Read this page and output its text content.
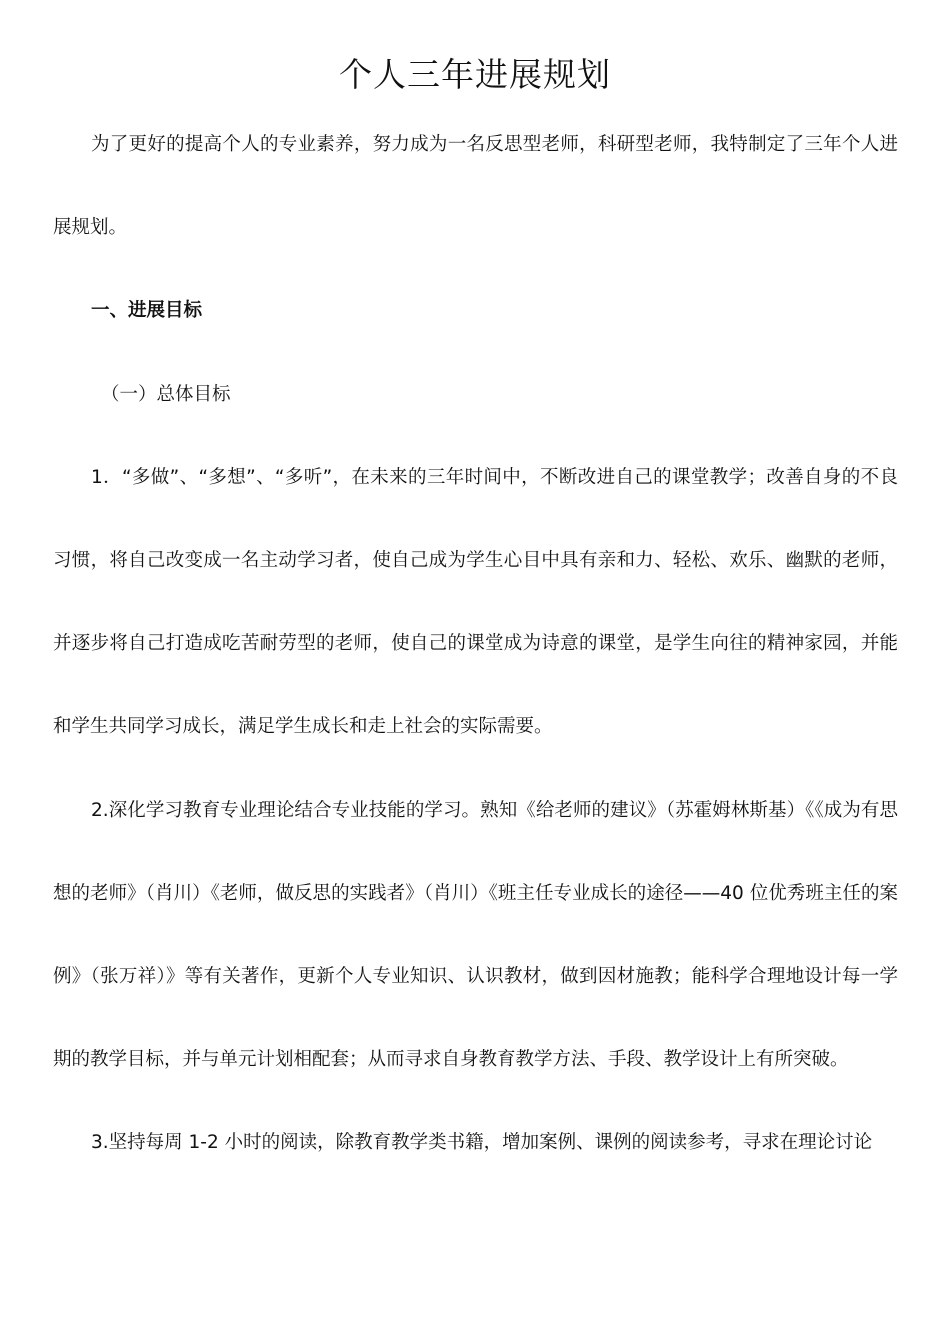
个人三年进展规划

为了更好的提高个人的专业素养，努力成为一名反思型老师，科研型老师，我特制定了三年个人进展规划。

一、进展目标

（一）总体目标

1．“多做”、“多想”、“多听”，在未来的三年时间中，不断改进自己的课堂教学；改善自身的不良习惯，将自己改变成一名主动学习者，使自己成为学生心目中具有亲和力、轻松、欢乐、幽默的老师，并逐步将自己打造成吃苦耐劳型的老师，使自己的课堂成为诗意的课堂，是学生向往的精神家园，并能和学生共同学习成长，满足学生成长和走上社会的实际需要。

2.深化学习教育专业理论结合专业技能的学习。熟知《给老师的建议》（苏霍姆林斯基）《《成为有思想的老师》（肖川）《老师，做反思的实践者》（肖川）《班主任专业成长的途径——40 位优秀班主任的案例》（张万祥）》等有关著作，更新个人专业知识、认识教材，做到因材施教；能科学合理地设计每一学期的教学目标，并与单元计划相配套；从而寻求自身教育教学方法、手段、教学设计上有所突破。

3.坚持每周 1-2 小时的阅读，除教育教学类书籍，增加案例、课例的阅读参考，寻求在理论讨论
